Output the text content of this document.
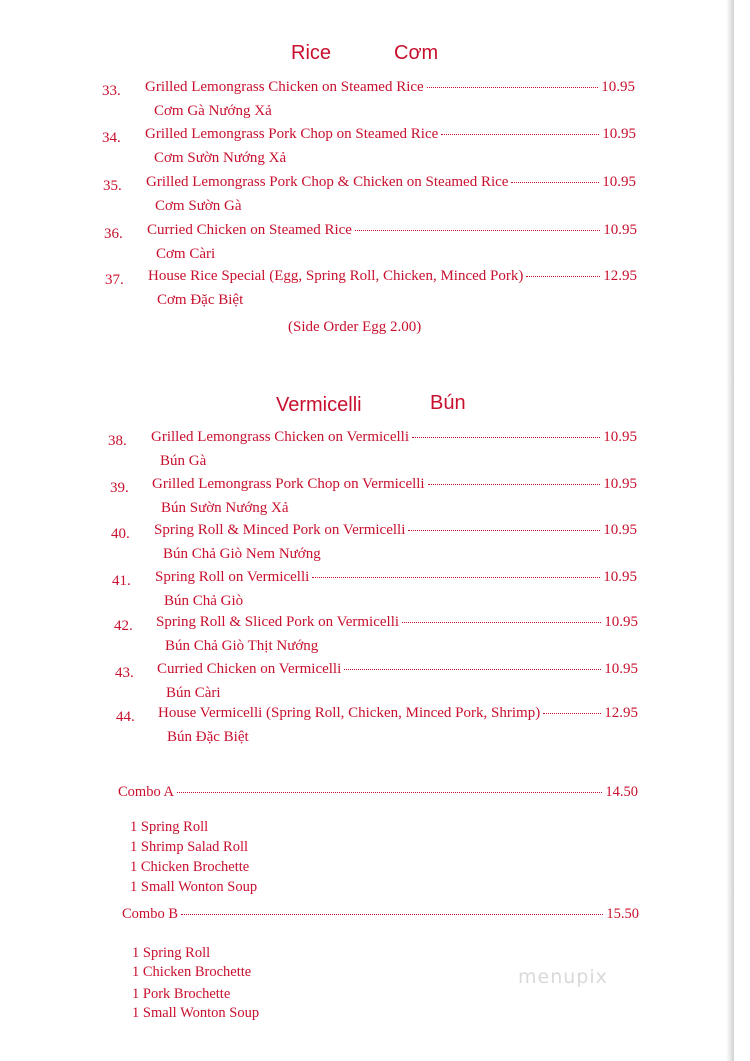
Rice	Cơm
33. Grilled Lemongrass Chicken on Steamed Rice	10.95
Cơm Gà Nướng Xả
34. Grilled Lemongrass Pork Chop on Steamed Rice	10.95
Cơm Sườn Nướng Xả
35. Grilled Lemongrass Pork Chop & Chicken on Steamed Rice	10.95
Cơm Sườn Gà
36. Curried Chicken on Steamed Rice	10.95
Cơm Càri
37. House Rice Special (Egg, Spring Roll, Chicken, Minced Pork)	12.95
Cơm Đặc Biệt
(Side Order Egg 2.00)
Vermicelli	Bún
38. Grilled Lemongrass Chicken on Vermicelli	10.95
Bún Gà
39. Grilled Lemongrass Pork Chop on Vermicelli	10.95
Bún Sườn Nướng Xả
40. Spring Roll & Minced Pork on Vermicelli	10.95
Bún Chả Giò Nem Nướng
41. Spring Roll on Vermicelli	10.95
Bún Chả Giò
42. Spring Roll & Sliced Pork on Vermicelli	10.95
Bún Chả Giò Thịt Nướng
43. Curried Chicken on Vermicelli	10.95
Bún Càri
44. House Vermicelli (Spring Roll, Chicken, Minced Pork, Shrimp)	12.95
Bún Đặc Biệt
Combo A	14.50
1 Spring Roll
1 Shrimp Salad Roll
1 Chicken Brochette
1 Small Wonton Soup
Combo B	15.50
1 Spring Roll
1 Chicken Brochette
1 Pork Brochette
1 Small Wonton Soup
menupix
